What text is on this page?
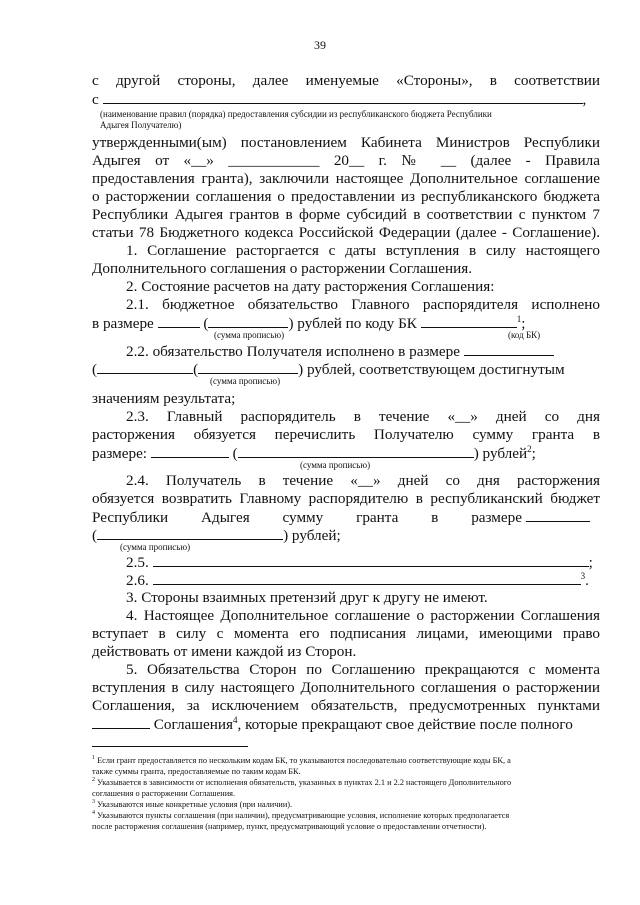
39
с другой стороны, далее именуемые «Стороны», в соответствии
с	,
(наименование правил (порядка) предоставления субсидии из республиканского бюджета Республики
Адыгея Получателю)
утвержденными(ым) постановлением Кабинета Министров Республики
Адыгея от «__» ____________ 20__ г. № __ (далее - Правила
предоставления гранта), заключили настоящее Дополнительное соглашение
о расторжении соглашения о предоставлении из республиканского бюджета
Республики Адыгея грантов в форме субсидий в соответствии с пунктом 7
статьи 78 Бюджетного кодекса Российской Федерации (далее - Соглашение).
1. Соглашение расторгается с даты вступления в силу настоящего
Дополнительного соглашения о расторжении Соглашения.
2. Состояние расчетов на дату расторжения Соглашения:
2.1. бюджетное обязательство Главного распорядителя исполнено
в размере	(	) рублей по коду БК	$^1$;
(сумма прописью)	(код БК)
2.2. обязательство Получателя исполнено в размере
(	(	) рублей, соответствующем достигнутым
(сумма прописью)
значениям результата;
2.3. Главный распорядитель в течение «__» дней со дня
расторжения обязуется перечислить Получателю сумму гранта в
размере:	(	) рублей$^2$;
(сумма прописью)
2.4. Получатель в течение «__» дней со дня расторжения
обязуется возвратить Главному распорядителю в республиканский бюджет
Республики Адыгея сумму гранта в размере
(	) рублей;
(сумма прописью)
2.5.	;
2.6.	$^3$.
3. Стороны взаимных претензий друг к другу не имеют.
4. Настоящее Дополнительное соглашение о расторжении Соглашения
вступает в силу с момента его подписания лицами, имеющими право
действовать от имени каждой из Сторон.
5. Обязательства Сторон по Соглашению прекращаются с момента
вступления в силу настоящего Дополнительного соглашения о расторжении
Соглашения, за исключением обязательств, предусмотренных пунктами
Соглашения$^4$, которые прекращают свое действие после полного
$^1$ Если грант предоставляется по нескольким кодам БК, то указываются последовательно соответствующие коды БК, а
также суммы гранта, предоставляемые по таким кодам БК.
$^2$ Указывается в зависимости от исполнения обязательств, указанных в пунктах 2.1 и 2.2 настоящего Дополнительного
соглашения о расторжении Соглашения.
$^3$ Указываются иные конкретные условия (при наличии).
$^4$ Указываются пункты соглашения (при наличии), предусматривающие условия, исполнение которых предполагается
после расторжения соглашения (например, пункт, предусматривающий условие о предоставлении отчетности).
